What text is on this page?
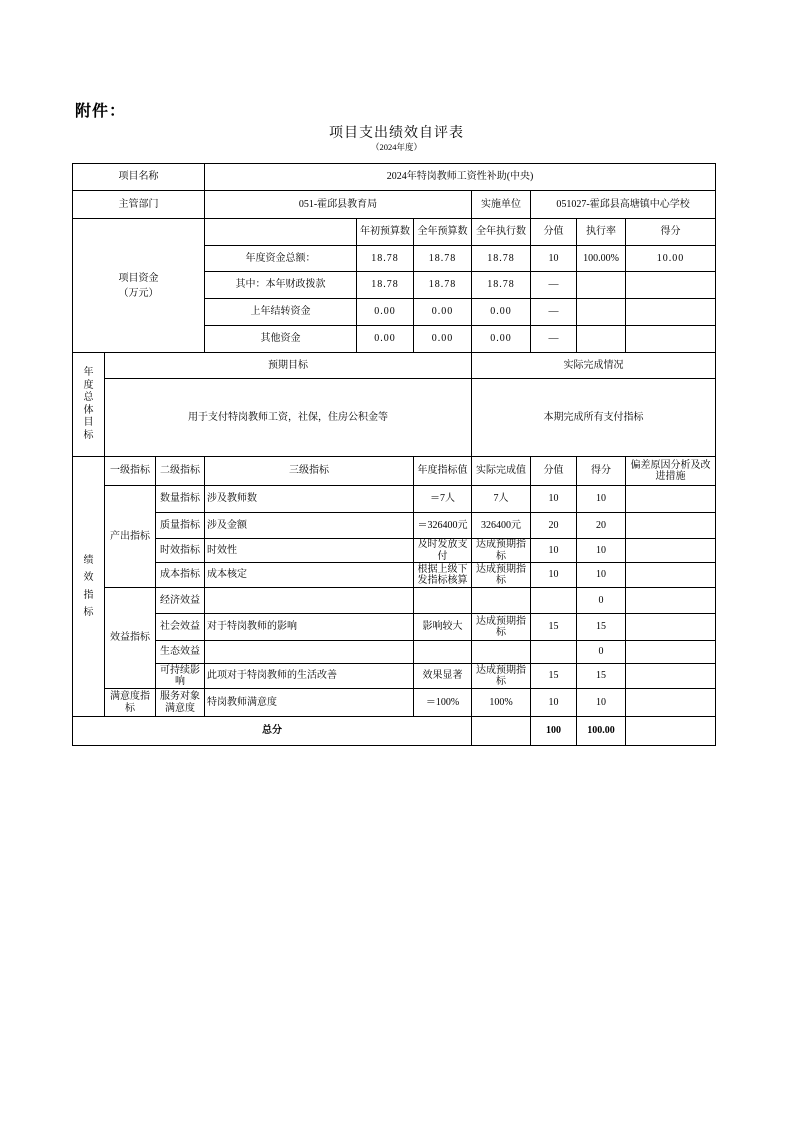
附件：
项目支出绩效自评表
（2024年度）
项目名称			2024年特岗教师工资性补助(中央)						
主管部门			051-霍邱县教育局			实施单位	051027-霍邱县高塘镇中心学校		

项目资金
（万元）				年初预算数	全年预算数	全年执行数	分值	执行率	得分
			年度资金总额：	18.78	18.78	18.78	10	100.00%	10.00
			其中：本年财政拨款	18.78	18.78	18.78	—		
			上年结转资金	0.00	0.00	0.00	—		
			其他资金	0.00	0.00	0.00	—		
年度总体目标	预期目标					实际完成情况			
	用于支付特岗教师工资，社保，住房公积金等					本期完成所有支付指标			
绩效指标	一级指标	二级指标	三级指标		年度指标值	实际完成值	分值	得分	偏差原因分析及改进措施
	产出指标	数量指标	涉及教师数		＝7人	7人	10	10	
		质量指标	涉及金额		＝326400元	326400元	20	20	
		时效指标	时效性		及时发放支付	达成预期指标	10	10	
		成本指标	成本核定		根据上级下发指标核算	达成预期指标	10	10	
	效益指标	经济效益						0	
		社会效益	对于特岗教师的影响		影响较大	达成预期指标	15	15	
		生态效益						0	
		可持续影响	此项对于特岗教师的生活改善		效果显著	达成预期指标	15	15	
	满意度指标	服务对象满意度	特岗教师满意度		＝100%	100%	10	10	
总分							100	100.00	
